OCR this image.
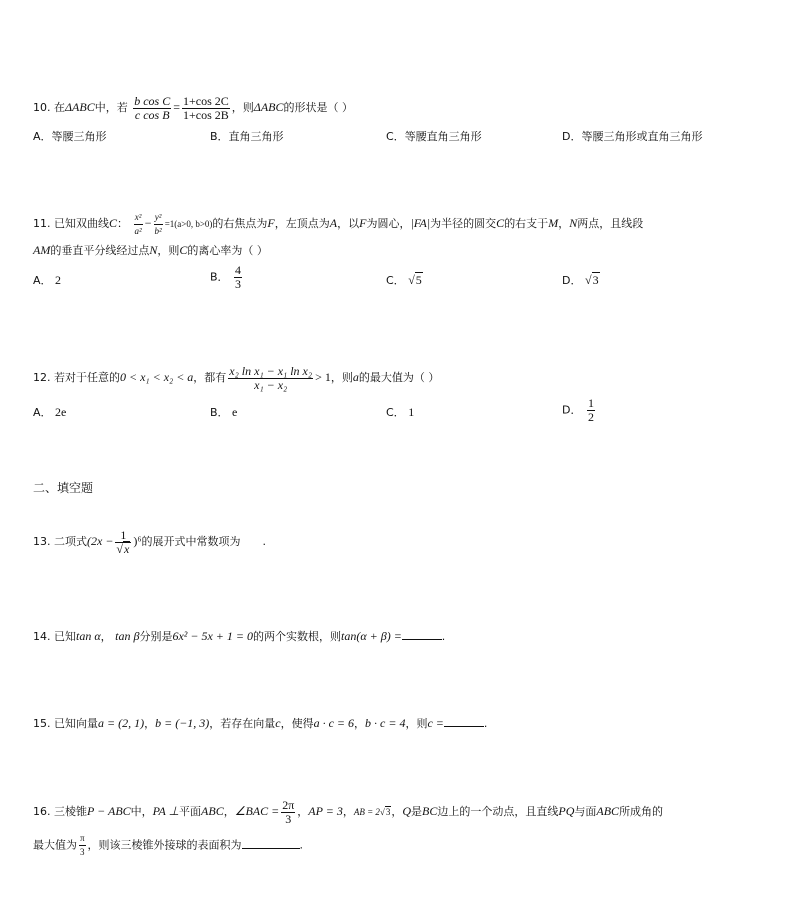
10. 在ΔABC中，若 $\frac{\text{b cos C}}{\text{c cos B}} = \frac{1+\cos 2C}{1+\cos 2B}$ ，则ΔABC的形状是（ ）
A．等腰三角形	B．直角三角形	C．等腰直角三角形	D．等腰三角形或直角三角形
11. 已知双曲线C： $\frac{\text{x²}}{\text{a²}} - \frac{\text{y²}}{\text{b²}} =1(a>0$, b>0)的右焦点为F，左顶点为A，以F为圆心，|FA|为半径的圆交C的右支于M，N两点，且线段
AM的垂直平分线经过点N，则C的离心率为（ ）
A． 2	B． $\frac{4}{3}$	C． √5	D． √3
12. 若对于任意的0 < x₁ < x₂ < a，都有 $\frac{\text{x₂ ln x₁ − x₁ ln x₂}}{\text{x₁ − x₂}} > 1$，则a的最大值为（ ）
A． 2e	B． e	C． 1	D． $\frac{1}{2}$
二、填空题
13. 二项式$(2x - \frac{1}{√x} )^6$的展开式中常数项为 .
14. 已知tan α， tan β分别是6x² − 5x + 1 = 0的两个实数根，则tan(α + β) =	.
15. 已知向量a = (2, 1)，b = (−1, 3)，若存在向量c，使得a · c = 6，b · c = 4，则c =	.
16. 三棱锥P − ABC中，PA ⊥平面ABC，∠BAC = $\frac{2\pi}{3}$ ，AP = 3，AB = 2√3，Q是BC边上的一个动点，且直线PQ与面ABC所成角的
最大值为 $\frac{\pi}{3}$ ，则该三棱锥外接球的表面积为	.
